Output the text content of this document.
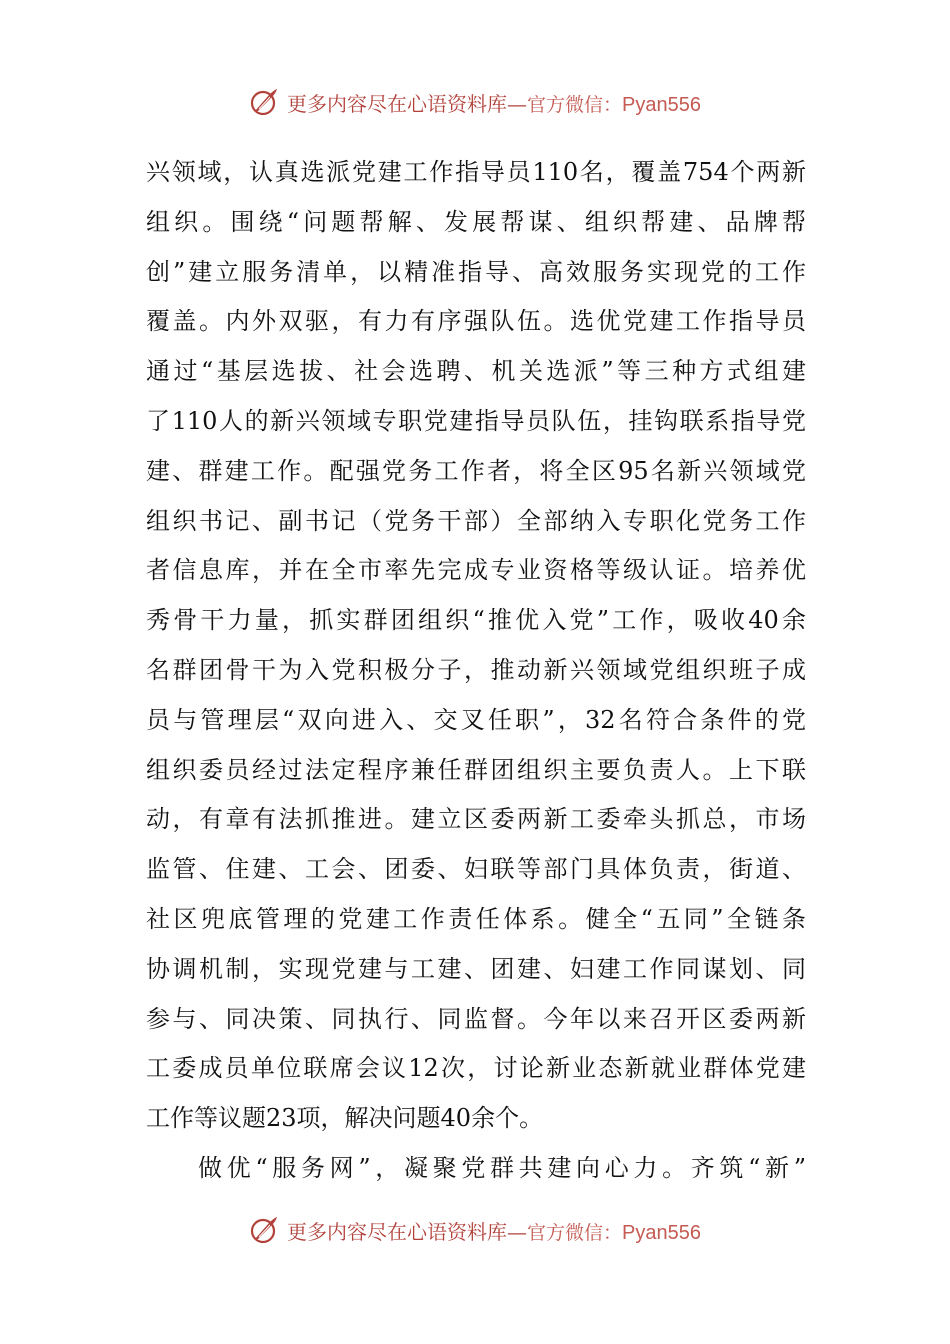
更多内容尽在心语资料库—官方微信：Pyan556
兴领域，认真选派党建工作指导员110名，覆盖754个两新
组织。围绕“问题帮解、发展帮谋、组织帮建、品牌帮
创”建立服务清单，以精准指导、高效服务实现党的工作
覆盖。内外双驱，有力有序强队伍。选优党建工作指导员
通过“基层选拔、社会选聘、机关选派”等三种方式组建
了110人的新兴领域专职党建指导员队伍，挂钩联系指导党
建、群建工作。配强党务工作者，将全区95名新兴领域党
组织书记、副书记（党务干部）全部纳入专职化党务工作
者信息库，并在全市率先完成专业资格等级认证。培养优
秀骨干力量，抓实群团组织“推优入党”工作，吸收40余
名群团骨干为入党积极分子，推动新兴领域党组织班子成
员与管理层“双向进入、交叉任职”，32名符合条件的党
组织委员经过法定程序兼任群团组织主要负责人。上下联
动，有章有法抓推进。建立区委两新工委牵头抓总，市场
监管、住建、工会、团委、妇联等部门具体负责，街道、
社区兜底管理的党建工作责任体系。健全“五同”全链条
协调机制，实现党建与工建、团建、妇建工作同谋划、同
参与、同决策、同执行、同监督。今年以来召开区委两新
工委成员单位联席会议12次，讨论新业态新就业群体党建
工作等议题23项，解决问题40余个。
做优“服务网”，凝聚党群共建向心力。齐筑“新”
更多内容尽在心语资料库—官方微信：Pyan556
